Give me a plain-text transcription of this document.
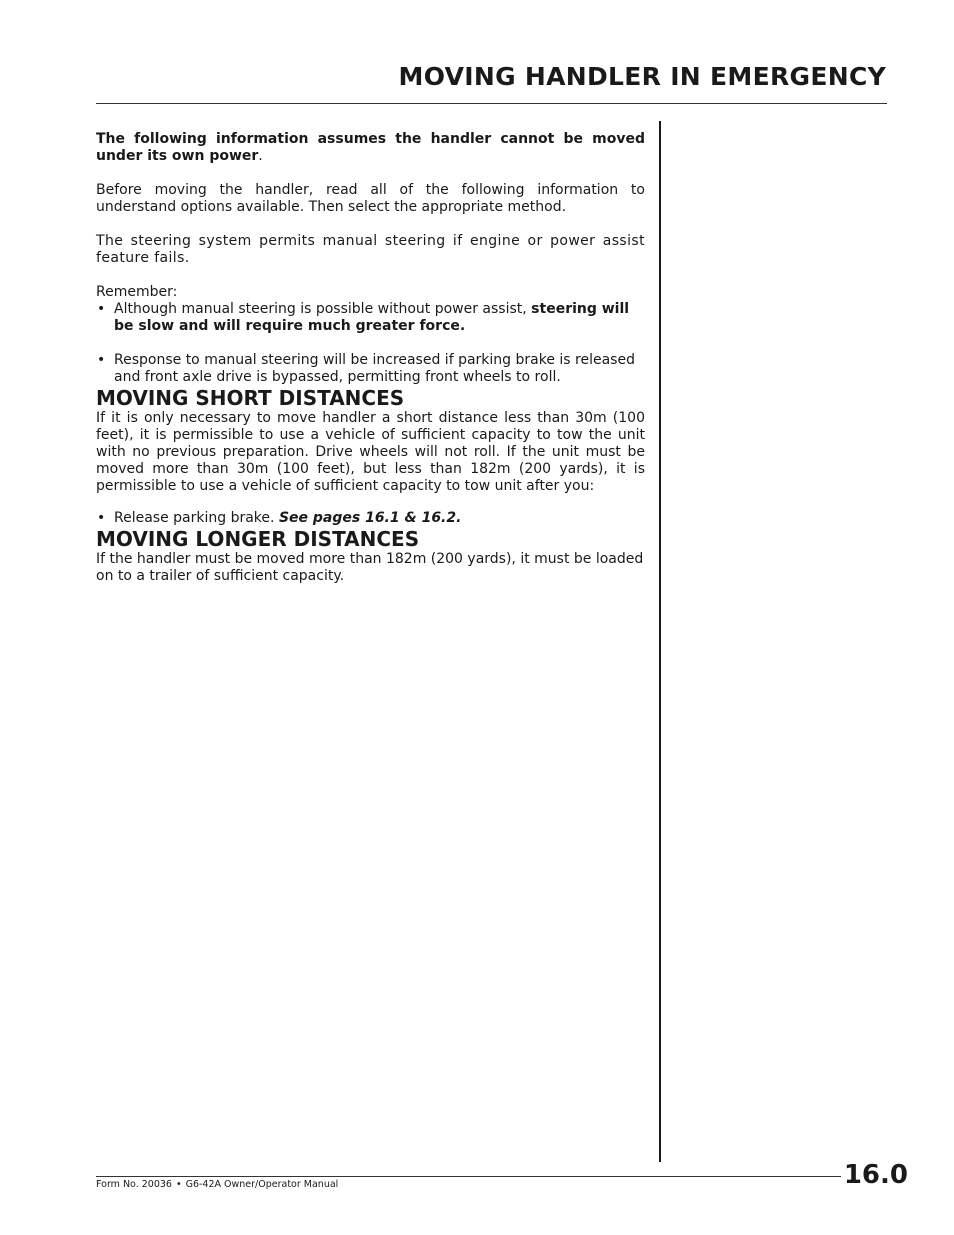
MOVING HANDLER IN EMERGENCY

The following information assumes the handler cannot be moved under its own power.

Before moving the handler, read all of the following information to understand options available. Then select the appropriate method.

The steering system permits manual steering if engine or power assist feature fails.

Remember:

• Although manual steering is possible without power assist, steering will be slow and will require much greater force.
• Response to manual steering will be increased if parking brake is released and front axle drive is bypassed, permitting front wheels to roll.
MOVING SHORT DISTANCES

If it is only necessary to move handler a short distance less than 30m (100 feet), it is permissible to use a vehicle of sufficient capacity to tow the unit with no previous preparation. Drive wheels will not roll. If the unit must be moved more than 30m (100 feet), but less than 182m (200 yards), it is permissible to use a vehicle of sufficient capacity to tow unit after you:

• Release parking brake. See pages 16.1 & 16.2.
MOVING LONGER DISTANCES

If the handler must be moved more than 182m (200 yards), it must be loaded on to a trailer of sufficient capacity.

Form No. 20036 • G6-42A Owner/Operator Manual	16.0
